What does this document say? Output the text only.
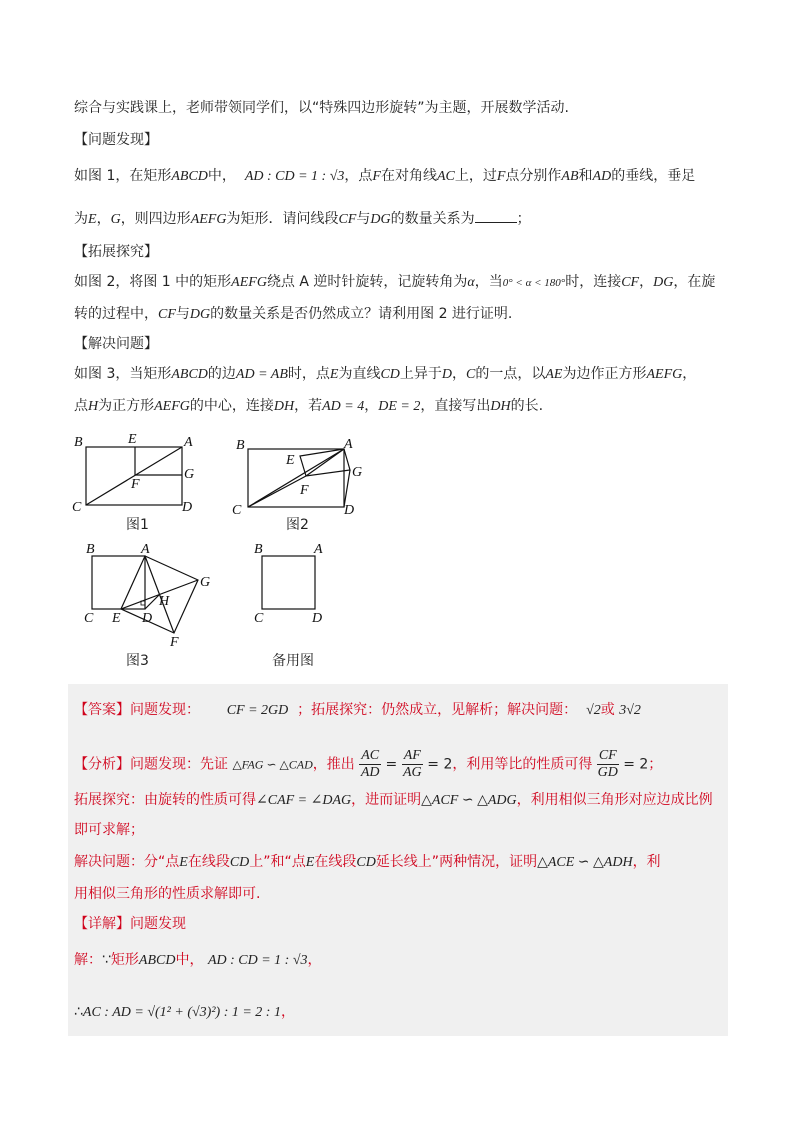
综合与实践课上，老师带领同学们，以“特殊四边形旋转”为主题，开展数学活动.
【问题发现】
如图 1，在矩形ABCD中， AD : CD = 1 : √3，点F在对角线AC上，过F点分别作AB和AD的垂线，垂足
为E，G，则四边形AEFG为矩形．请问线段CF与DG的数量关系为	；
【拓展探究】
如图 2，将图 1 中的矩形AEFG绕点 A 逆时针旋转，记旋转角为α，当0° < α < 180°时，连接CF，DG，在旋
转的过程中，CF与DG的数量关系是否仍然成立？请利用图 2 进行证明.
【解决问题】
如图 3，当矩形ABCD的边AD = AB时，点E为直线CD上异于D，C的一点，以AE为边作正方形AEFG，
点H为正方形AEFG的中心，连接DH，若AD = 4，DE = 2，直接写出DH的长.
B	A
E
G
F
C	D
图1
B	A
E
G
F
C	D
图2
B	A
G
H
C E D
F
图3
B	A
C	D
备用图
【答案】问题发现： CF = 2GD ；拓展探究：仍然成立，见解析；解决问题： √2或 3√2
【分析】问题发现：先证 △FAG ∽ △CAD，推出 $\frac{AC}{AD} = \frac{AF}{AG} = 2$，利用等比的性质可得 $\frac{CF}{GD} = 2$；
拓展探究：由旋转的性质可得∠CAF = ∠DAG，进而证明△ACF ∽ △ADG，利用相似三角形对应边成比例
即可求解；
解决问题：分“点E在线段CD上”和“点E在线段CD延长线上”两种情况，证明△ACE ∽ △ADH，利
用相似三角形的性质求解即可.
【详解】问题发现
解：∵矩形ABCD中， AD : CD = 1 : √3，
∴AC : AD = √(1² + (√3)²) : 1 = 2 : 1，
